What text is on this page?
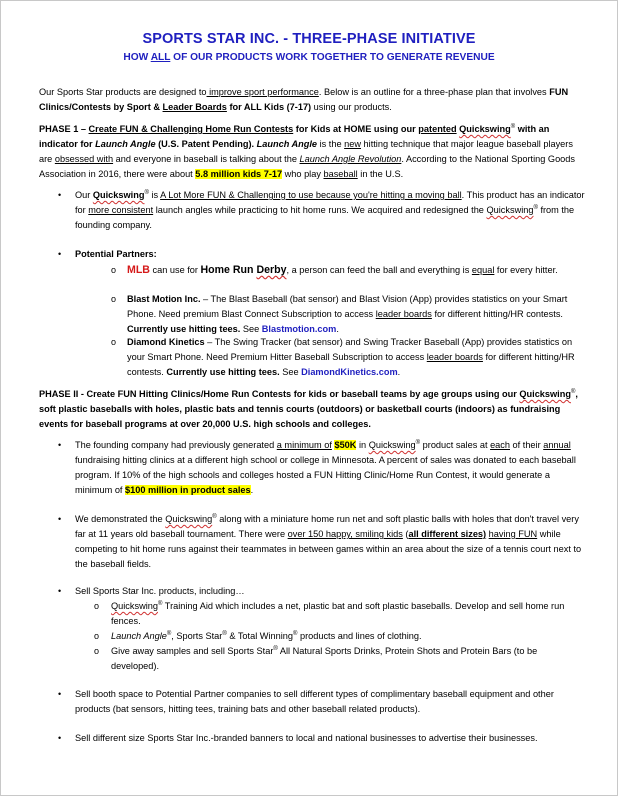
SPORTS STAR INC. - THREE-PHASE INITIATIVE
HOW ALL OF OUR PRODUCTS WORK TOGETHER TO GENERATE REVENUE
Our Sports Star products are designed to improve sport performance. Below is an outline for a three-phase plan that involves FUN Clinics/Contests by Sport & Leader Boards for ALL Kids (7-17) using our products.
PHASE 1 – Create FUN & Challenging Home Run Contests for Kids at HOME using our patented Quickswing® with an indicator for Launch Angle (U.S. Patent Pending). Launch Angle is the new hitting technique that major league baseball players are obsessed with and everyone in baseball is talking about the Launch Angle Revolution. According to the National Sporting Goods Association in 2016, there were about 5.8 million kids 7-17 who play baseball in the U.S.
• Our Quickswing® is A Lot More FUN & Challenging to use because you're hitting a moving ball. This product has an indicator for more consistent launch angles while practicing to hit home runs. We acquired and redesigned the Quickswing® from the founding company.
• Potential Partners:
o MLB can use for Home Run Derby, a person can feed the ball and everything is equal for every hitter.
o Blast Motion Inc. – The Blast Baseball (bat sensor) and Blast Vision (App) provides statistics on your Smart Phone. Need premium Blast Connect Subscription to access leader boards for different hitting/HR contests. Currently use hitting tees. See Blastmotion.com.
o Diamond Kinetics – The Swing Tracker (bat sensor) and Swing Tracker Baseball (App) provides statistics on your Smart Phone. Need Premium Hitter Baseball Subscription to access leader boards for different hitting/HR contests. Currently use hitting tees. See DiamondKinetics.com.
PHASE II - Create FUN Hitting Clinics/Home Run Contests for kids or baseball teams by age groups using our Quickswing®, soft plastic baseballs with holes, plastic bats and tennis courts (outdoors) or basketball courts (indoors) as fundraising events for baseball programs at over 20,000 U.S. high schools and colleges.
• The founding company had previously generated a minimum of $50K in Quickswing® product sales at each of their annual fundraising hitting clinics at a different high school or college in Minnesota. A percent of sales was donated to each baseball program. If 10% of the high schools and colleges hosted a FUN Hitting Clinic/Home Run Contest, it would generate a minimum of $100 million in product sales.
• We demonstrated the Quickswing® along with a miniature home run net and soft plastic balls with holes that don't travel very far at 11 years old baseball tournament. There were over 150 happy, smiling kids (all different sizes) having FUN while competing to hit home runs against their teammates in between games within an area about the size of a tennis court next to the baseball fields.
• Sell Sports Star Inc. products, including…
o Quickswing® Training Aid which includes a net, plastic bat and soft plastic baseballs. Develop and sell home run fences.
o Launch Angle®, Sports Star® & Total Winning® products and lines of clothing.
o Give away samples and sell Sports Star® All Natural Sports Drinks, Protein Shots and Protein Bars (to be developed).
• Sell booth space to Potential Partner companies to sell different types of complimentary baseball equipment and other products (bat sensors, hitting tees, training bats and other baseball related products).
• Sell different size Sports Star Inc.-branded banners to local and national businesses to advertise their businesses.
